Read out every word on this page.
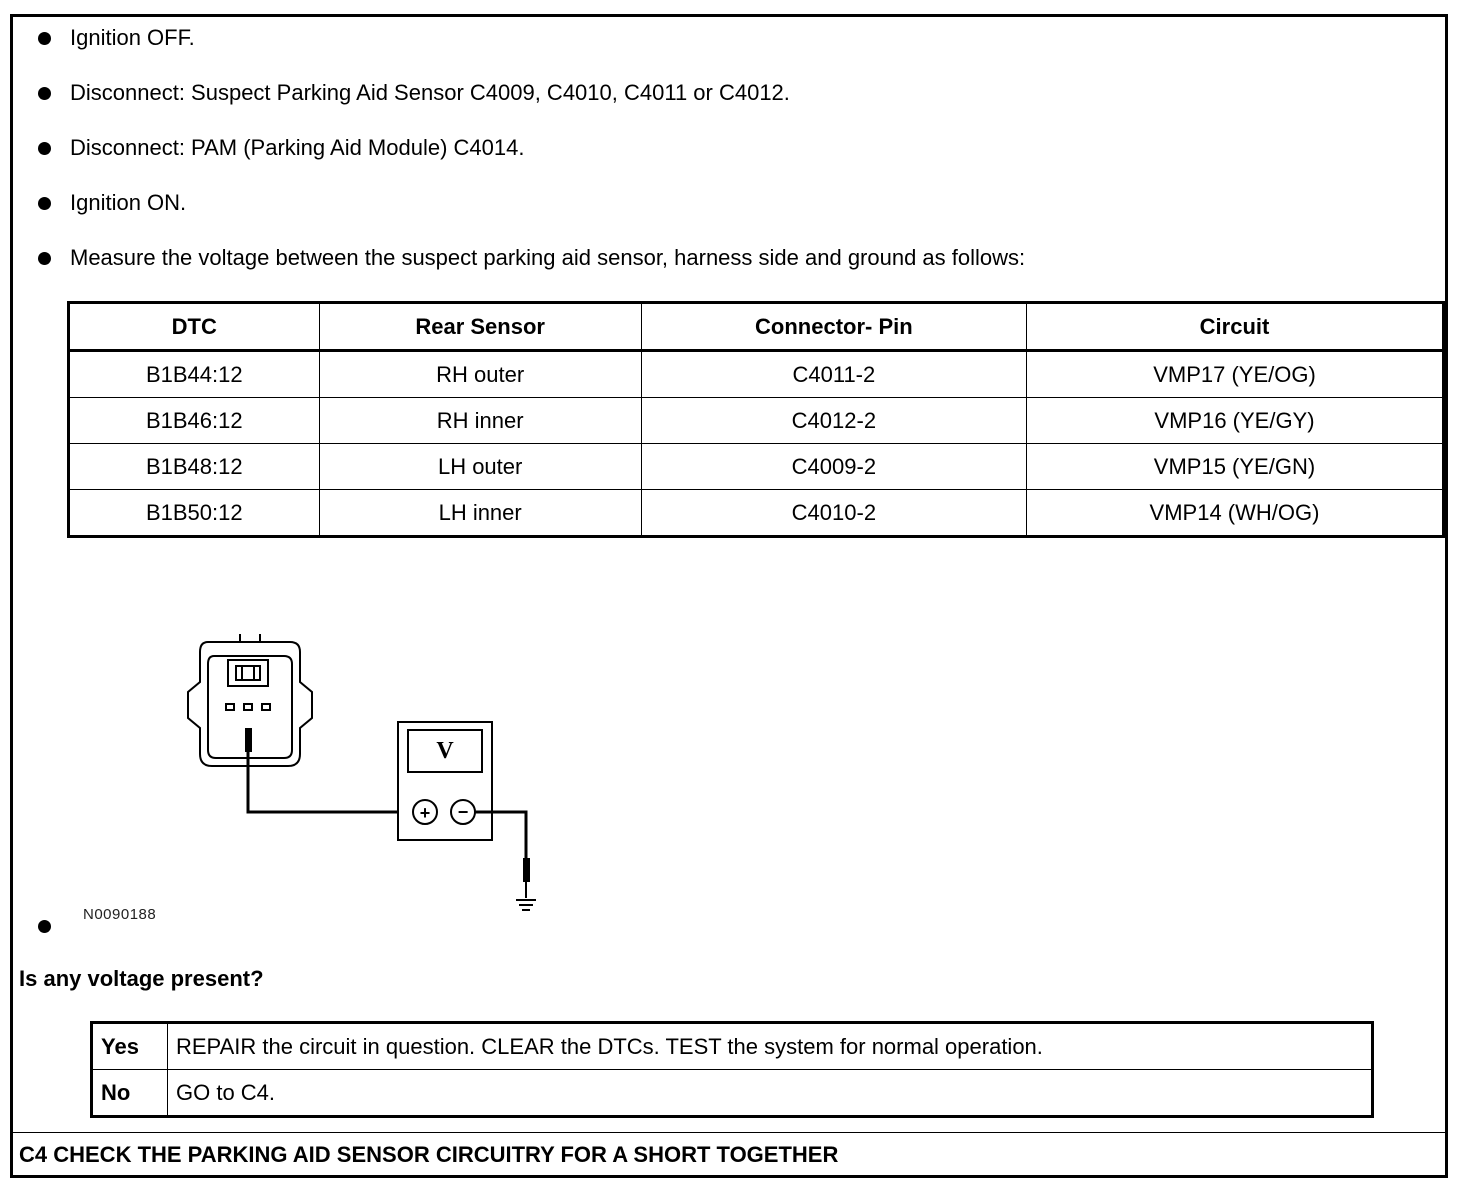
Ignition OFF.
Disconnect: Suspect Parking Aid Sensor C4009, C4010, C4011 or C4012.
Disconnect: PAM (Parking Aid Module) C4014.
Ignition ON.
Measure the voltage between the suspect parking aid sensor, harness side and ground as follows:
DTC	Rear Sensor	Connector- Pin	Circuit
B1B44:12	RH outer	C4011-2	VMP17 (YE/OG)
B1B46:12	RH inner	C4012-2	VMP16 (YE/GY)
B1B48:12	LH outer	C4009-2	VMP15 (YE/GN)
B1B50:12	LH inner	C4010-2	VMP14 (WH/OG)
V
+ −
N0090188
Is any voltage present?
Yes	REPAIR the circuit in question. CLEAR the DTCs. TEST the system for normal operation.
No	GO to C4.
C4 CHECK THE PARKING AID SENSOR CIRCUITRY FOR A SHORT TOGETHER
